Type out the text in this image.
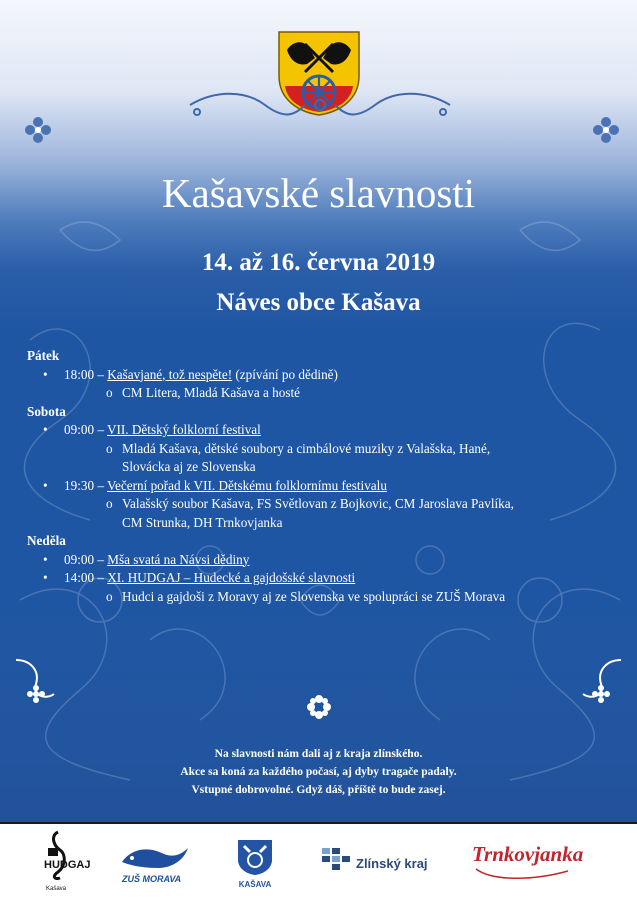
Kašavské slavnosti
14. až 16. června 2019
Náves obce Kašava
Pátek
• 18:00 – Kašavjané, tož nespěte! (zpívání po dědině)
o CM Litera, Mladá Kašava a hosté
Sobota
• 09:00 – VII. Dětský folklorní festival
o Mladá Kašava, dětské soubory a cimbálové muziky z Valašska, Hané,
Slovácka aj ze Slovenska
• 19:30 – Večerní pořad k VII. Dětskému folklornímu festivalu
o Valašský soubor Kašava, FS Světlovan z Bojkovic, CM Jaroslava Pavlíka,
CM Strunka, DH Trnkovjanka
Neděla
• 09:00 – Mša svatá na Návsi dědiny
• 14:00 – XI. HUDGAJ – Hudecké a gajdošské slavnosti
o Hudci a gajdoši z Moravy aj ze Slovenska ve spolupráci se ZUŠ Morava
Na slavnosti nám dali aj z kraja zlínského.
Akce sa koná za každého počasí, aj dyby tragače padaly.
Vstupné dobrovolné. Gdyž dáš, příště to bude zasej.
HUDGAJ
Kašava
ZUŠ MORAVA
KAŠAVA
Zlínský kraj Trnkovjanka
